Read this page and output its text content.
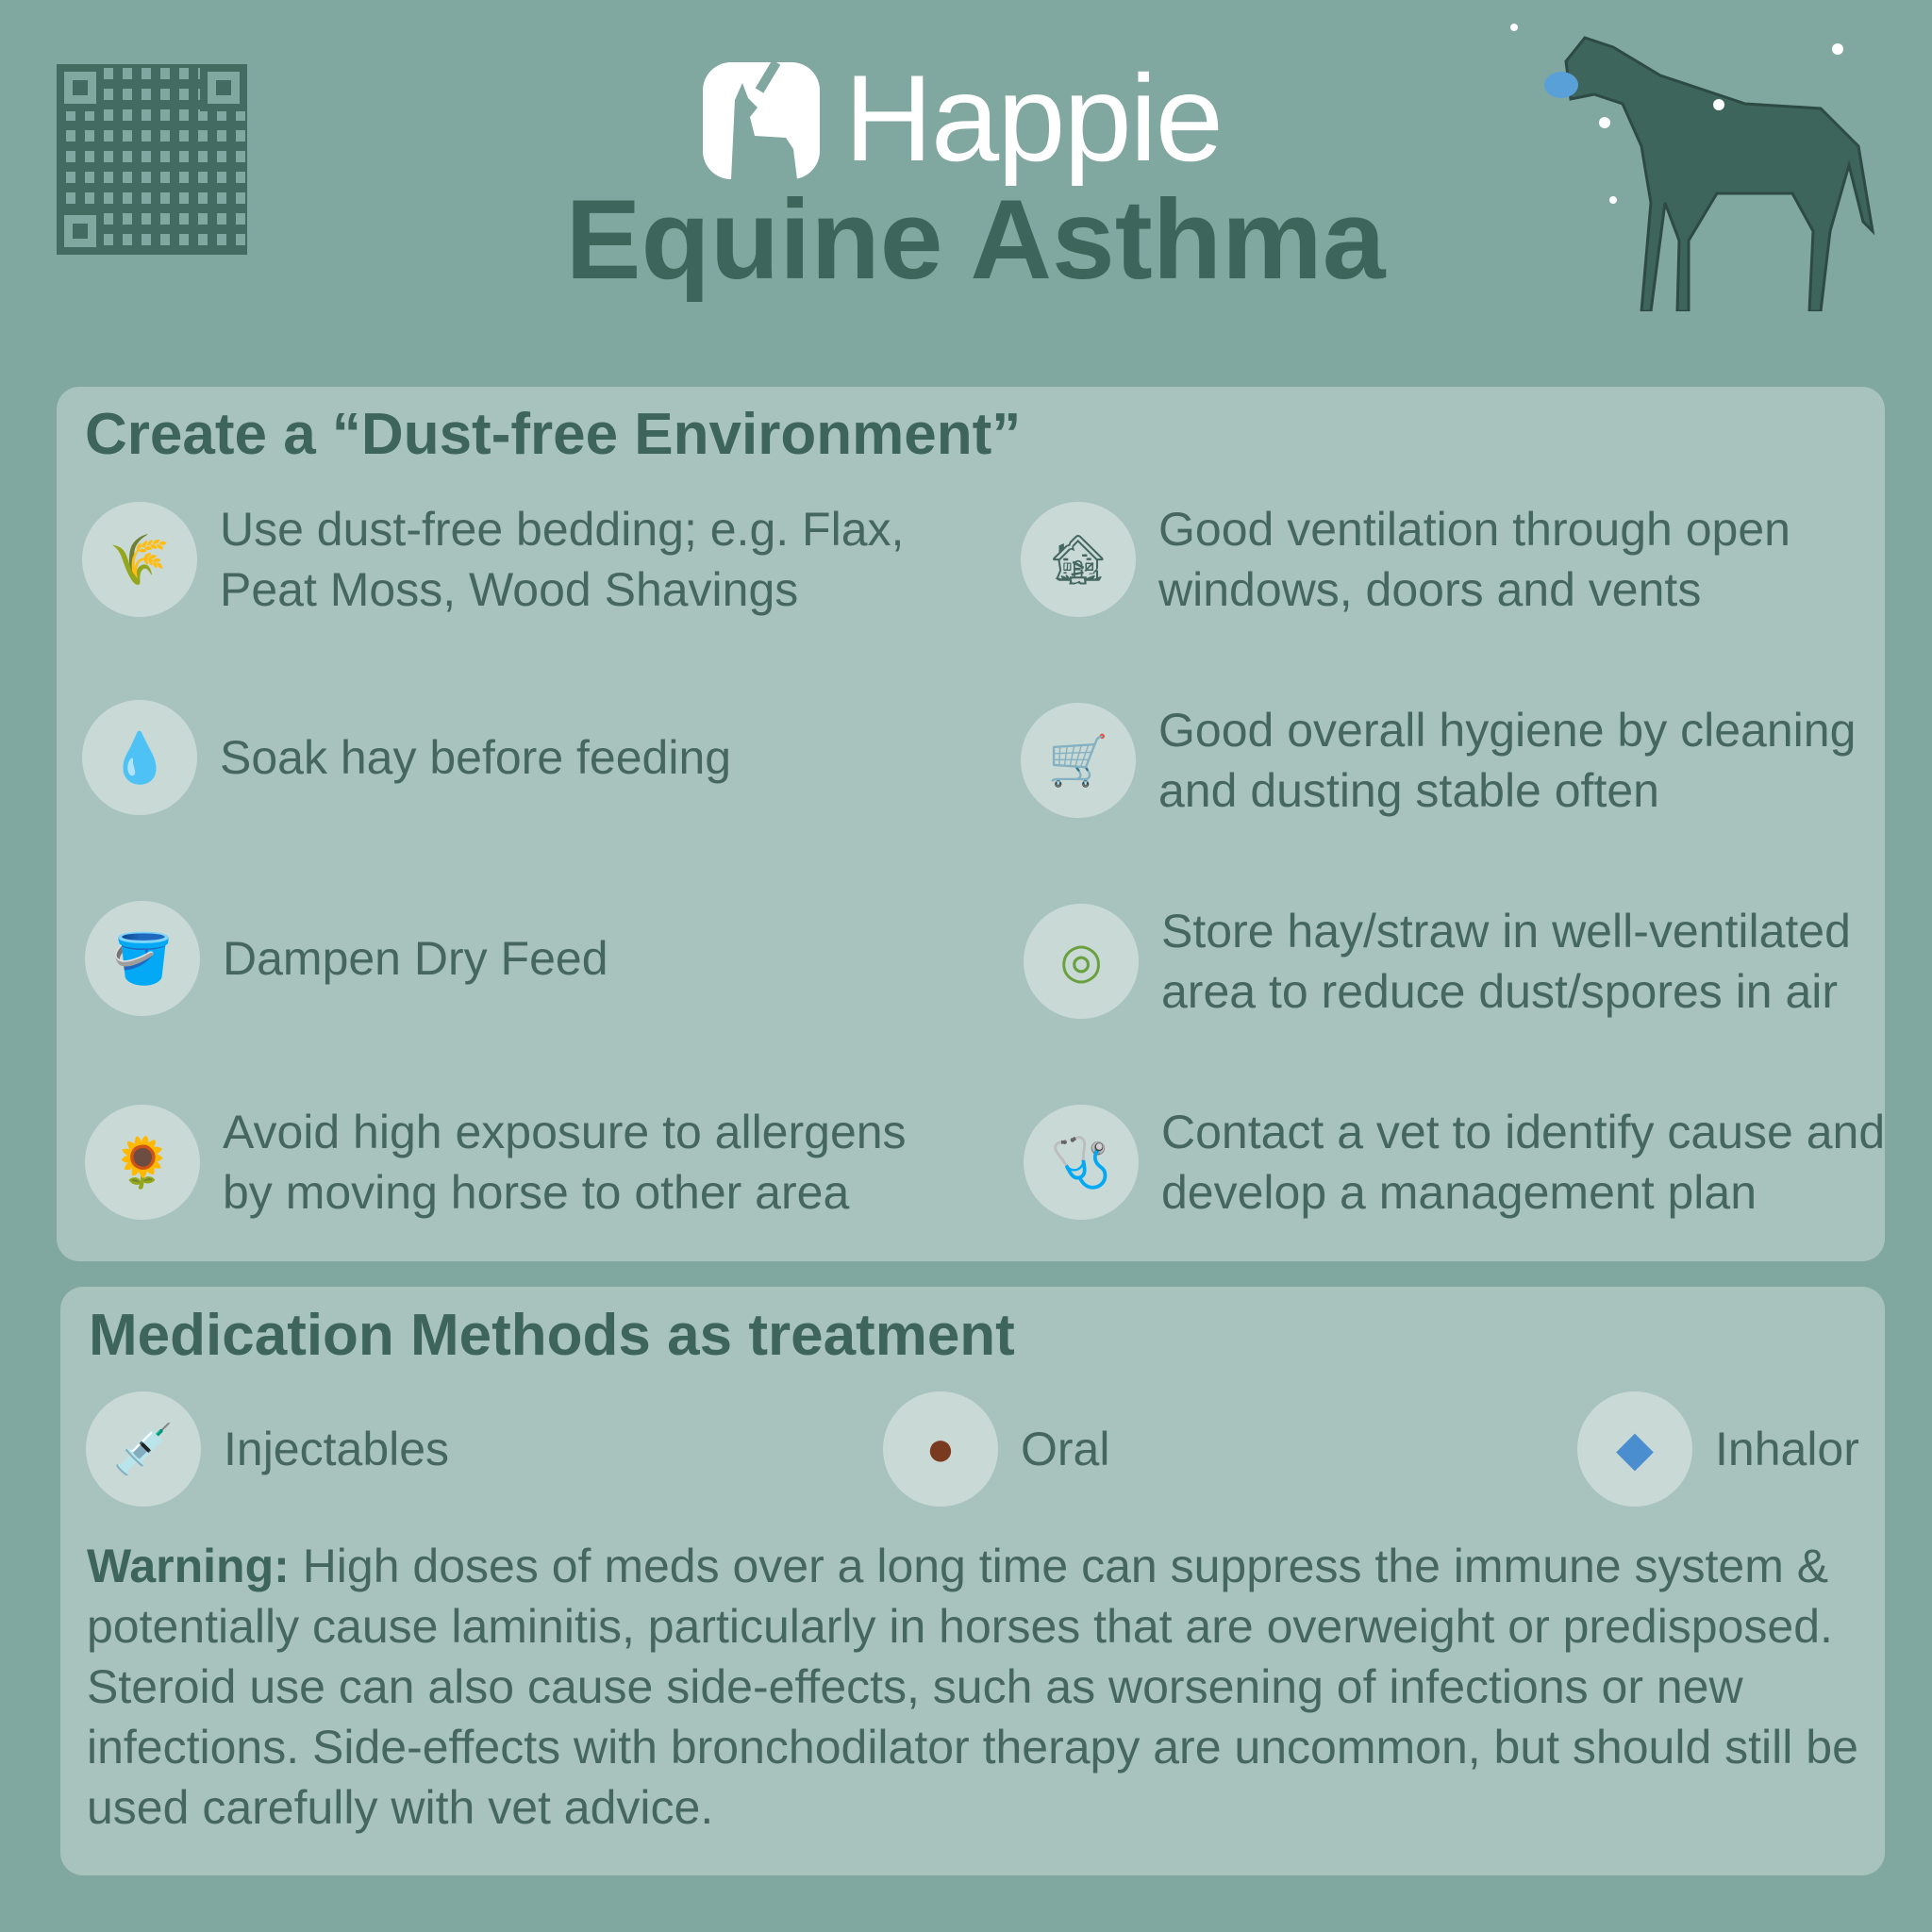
Happie
Equine Asthma
Create a “Dust-free Environment”
🌾
Use dust-free bedding; e.g. Flax, Peat Moss, Wood Shavings
🏚
Good ventilation through open windows, doors and vents
💧	Soak hay before feeding	🛒
Good overall hygiene by cleaning and dusting stable often
🪣	Dampen Dry Feed	◎
Store hay/straw in well-ventilated area to reduce dust/spores in air
🌻
Avoid high exposure to allergens by moving horse to other area
🩺
Contact a vet to identify cause and develop a management plan
Medication Methods as treatment
💉	Injectables	●	Oral	◆	Inhalor
Warning: High doses of meds over a long time can suppress the immune system & potentially cause laminitis, particularly in horses that are overweight or predisposed. Steroid use can also cause side-effects, such as worsening of infections or new infections. Side-effects with bronchodilator therapy are uncommon, but should still be used carefully with vet advice.
